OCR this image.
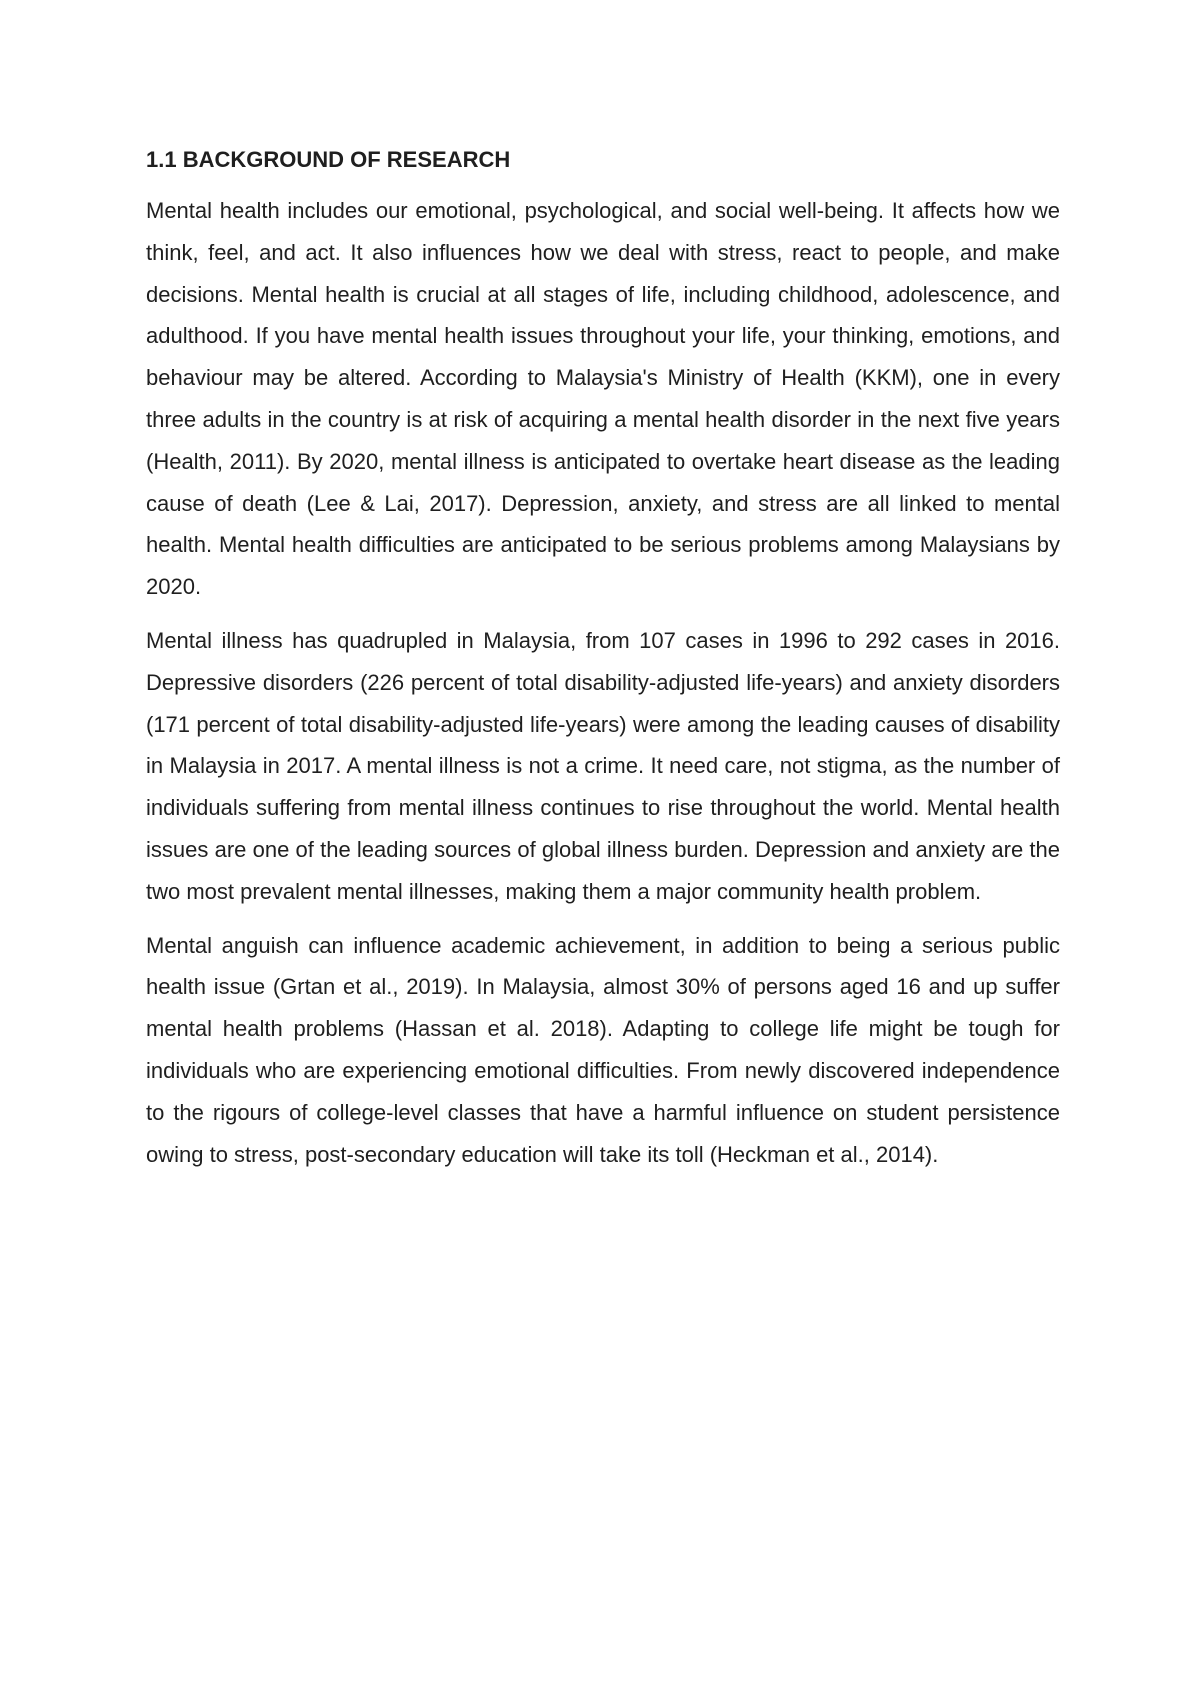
1.1 BACKGROUND OF RESEARCH

Mental health includes our emotional, psychological, and social well-being. It affects how we think, feel, and act. It also influences how we deal with stress, react to people, and make decisions. Mental health is crucial at all stages of life, including childhood, adolescence, and adulthood. If you have mental health issues throughout your life, your thinking, emotions, and behaviour may be altered. According to Malaysia's Ministry of Health (KKM), one in every three adults in the country is at risk of acquiring a mental health disorder in the next five years (Health, 2011). By 2020, mental illness is anticipated to overtake heart disease as the leading cause of death (Lee & Lai, 2017). Depression, anxiety, and stress are all linked to mental health. Mental health difficulties are anticipated to be serious problems among Malaysians by 2020.

Mental illness has quadrupled in Malaysia, from 107 cases in 1996 to 292 cases in 2016. Depressive disorders (226 percent of total disability-adjusted life-years) and anxiety disorders (171 percent of total disability-adjusted life-years) were among the leading causes of disability in Malaysia in 2017. A mental illness is not a crime. It need care, not stigma, as the number of individuals suffering from mental illness continues to rise throughout the world. Mental health issues are one of the leading sources of global illness burden. Depression and anxiety are the two most prevalent mental illnesses, making them a major community health problem.

Mental anguish can influence academic achievement, in addition to being a serious public health issue (Grtan et al., 2019). In Malaysia, almost 30% of persons aged 16 and up suffer mental health problems (Hassan et al. 2018). Adapting to college life might be tough for individuals who are experiencing emotional difficulties. From newly discovered independence to the rigours of college-level classes that have a harmful influence on student persistence owing to stress, post-secondary education will take its toll (Heckman et al., 2014).
